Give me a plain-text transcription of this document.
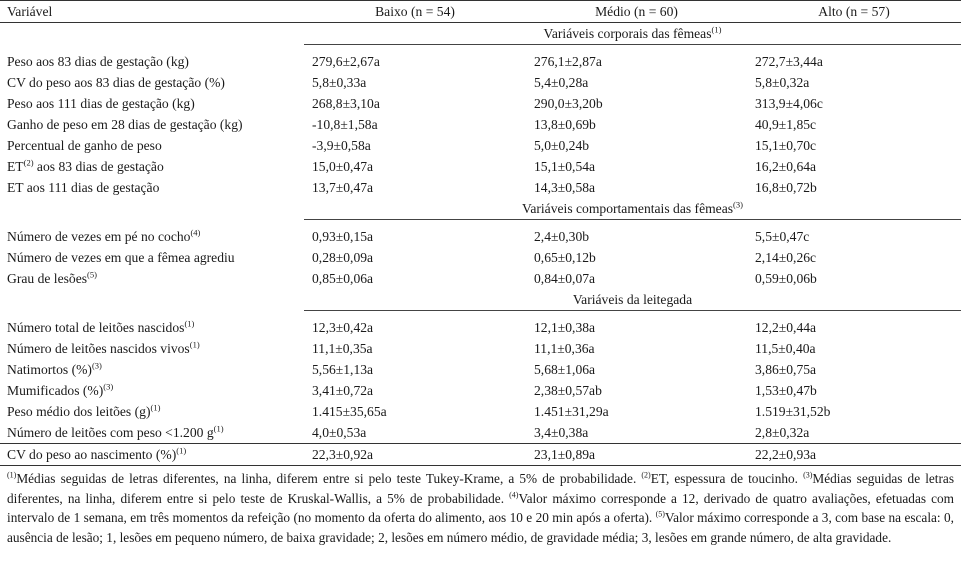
Variável	Baixo (n = 54)	Médio (n = 60)	Alto (n = 57)
	Variáveis corporais das fêmeas$^{(1)}$

Peso aos 83 dias de gestação (kg)	279,6±2,67a	276,1±2,87a	272,7±3,44a
CV do peso aos 83 dias de gestação (%)	5,8±0,33a	5,4±0,28a	5,8±0,32a
Peso aos 111 dias de gestação (kg)	268,8±3,10a	290,0±3,20b	313,9±4,06c
Ganho de peso em 28 dias de gestação (kg)	-10,8±1,58a	13,8±0,69b	40,9±1,85c
Percentual de ganho de peso	-3,9±0,58a	5,0±0,24b	15,1±0,70c
ET$^{(2)}$ aos 83 dias de gestação	15,0±0,47a	15,1±0,54a	16,2±0,64a
ET aos 111 dias de gestação	13,7±0,47a	14,3±0,58a	16,8±0,72b
	Variáveis comportamentais das fêmeas$^{(3)}$

Número de vezes em pé no cocho$^{(4)}$	0,93±0,15a	2,4±0,30b	5,5±0,47c
Número de vezes em que a fêmea agrediu	0,28±0,09a	0,65±0,12b	2,14±0,26c
Grau de lesões$^{(5)}$	0,85±0,06a	0,84±0,07a	0,59±0,06b
	Variáveis da leitegada		

Número total de leitões nascidos$^{(1)}$	12,3±0,42a	12,1±0,38a	12,2±0,44a
Número de leitões nascidos vivos$^{(1)}$	11,1±0,35a	11,1±0,36a	11,5±0,40a
Natimortos (%)$^{(3)}$	5,56±1,13a	5,68±1,06a	3,86±0,75a
Mumificados (%)$^{(3)}$	3,41±0,72a	2,38±0,57ab	1,53±0,47b
Peso médio dos leitões $(g)^{(1)}$	1.415±35,65a	1.451±31,29a	1.519±31,52b
Número de leitões com peso <1.200 $g^{(1)}$	4,0±0,53a	3,4±0,38a	2,8±0,32a
CV do peso ao nascimento (%)$^{(1)}$	22,3±0,92a	23,1±0,89a	22,2±0,93a
$^{(1)}$Médias seguidas de letras diferentes, na linha, diferem entre si pelo teste Tukey-Krame, a 5% de probabilidade. $^{(2)}$ET, espessura de toucinho. $^{(3)}$Médias seguidas de letras diferentes, na linha, diferem entre si pelo teste de Kruskal-Wallis, a 5% de probabilidade. $^{(4)}$Valor máximo corresponde a 12, derivado de quatro avaliações, efetuadas com intervalo de 1 semana, em três momentos da refeição (no momento da oferta do alimento, aos 10 e 20 min após a oferta). $^{(5)}$Valor máximo corresponde a 3, com base na escala: 0, ausência de lesão; 1, lesões em pequeno número, de baixa gravidade; 2, lesões em número médio, de gravidade média; 3, lesões em grande número, de alta gravidade.
